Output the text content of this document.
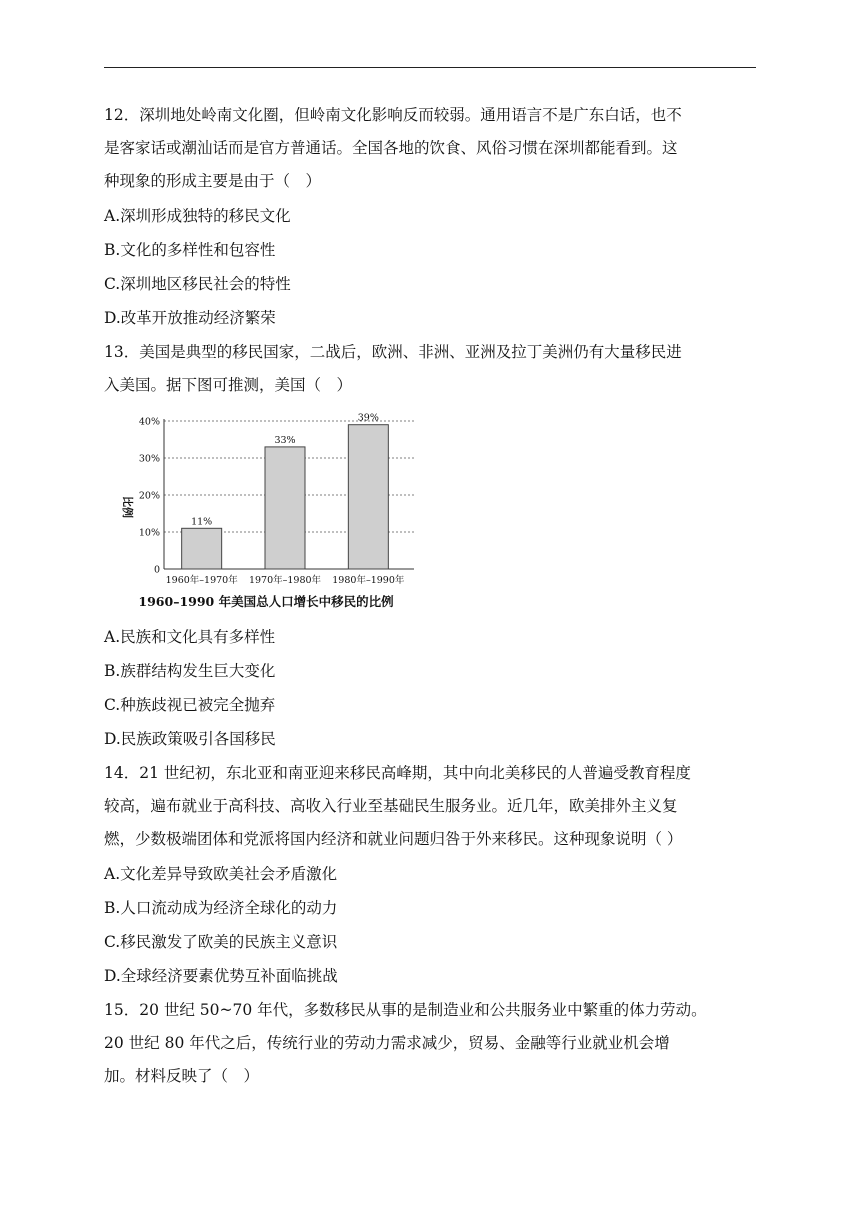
12．深圳地处岭南文化圈，但岭南文化影响反而较弱。通用语言不是广东白话，也不
是客家话或潮汕话而是官方普通话。全国各地的饮食、风俗习惯在深圳都能看到。这
种现象的形成主要是由于（　）

A.深圳形成独特的移民文化
B.文化的多样性和包容性
C.深圳地区移民社会的特性
D.改革开放推动经济繁荣

13．美国是典型的移民国家，二战后，欧洲、非洲、亚洲及拉丁美洲仍有大量移民进
入美国。据下图可推测，美国（　）

0
10%
20%
30%
40%
11%
1960年–1970年
33%
1970年–1980年
39%
1980年–1990年
比例
1960–1990 年美国总人口增长中移民的比例
A.民族和文化具有多样性
B.族群结构发生巨大变化
C.种族歧视已被完全抛弃
D.民族政策吸引各国移民

14．21 世纪初，东北亚和南亚迎来移民高峰期，其中向北美移民的人普遍受教育程度
较高，遍布就业于高科技、高收入行业至基础民生服务业。近几年，欧美排外主义复
燃，少数极端团体和党派将国内经济和就业问题归咎于外来移民。这种现象说明（ ）

A.文化差异导致欧美社会矛盾激化
B.人口流动成为经济全球化的动力
C.移民激发了欧美的民族主义意识
D.全球经济要素优势互补面临挑战

15．20 世纪 50~70 年代，多数移民从事的是制造业和公共服务业中繁重的体力劳动。
20 世纪 80 年代之后，传统行业的劳动力需求减少，贸易、金融等行业就业机会增
加。材料反映了（　）
